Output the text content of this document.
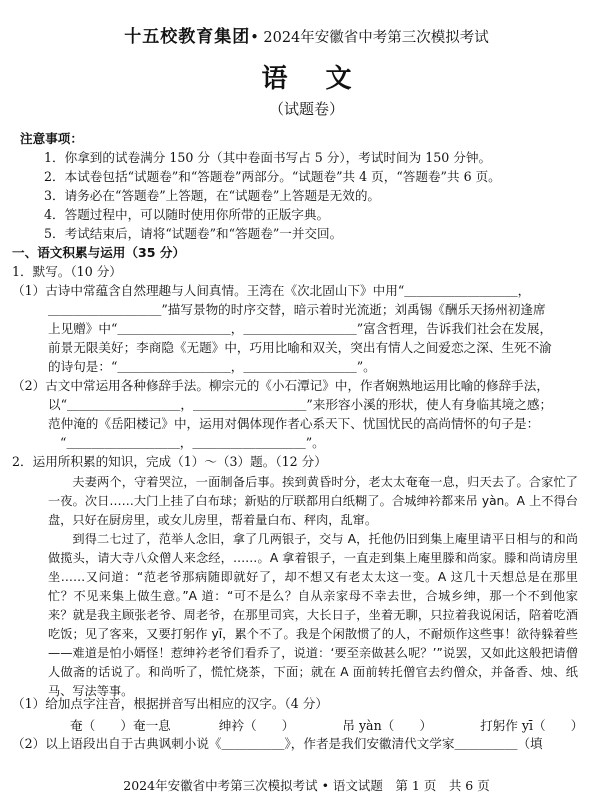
十五校教育集团• 2024年安徽省中考第三次模拟考试
语文
（试题卷）
注意事项：
1．你拿到的试卷满分 150 分（其中卷面书写占 5 分），考试时间为 150 分钟。
2．本试卷包括“试题卷”和“答题卷”两部分。“试题卷”共 4 页，“答题卷”共 6 页。
3．请务必在“答题卷”上答题，在“试题卷”上答题是无效的。
4．答题过程中，可以随时使用你所带的正版字典。
5．考试结束后，请将“试题卷”和“答题卷”一并交回。
一、语文积累与运用（35 分）
1．默写。（10 分）
（1）古诗中常蕴含自然理趣与人间真情。王湾在《次北固山下》中用“＿＿＿＿＿＿＿＿＿，
＿＿＿＿＿＿＿＿＿”描写景物的时序交替，暗示着时光流逝；刘禹锡《酬乐天扬州初逢席
上见赠》中“＿＿＿＿＿＿＿＿＿，＿＿＿＿＿＿＿＿＿”富含哲理，告诉我们社会在发展，
前景无限美好；李商隐《无题》中，巧用比喻和双关，突出有情人之间爱恋之深、生死不渝
的诗句是：“＿＿＿＿＿＿＿＿＿，＿＿＿＿＿＿＿＿＿”。
（2）古文中常运用各种修辞手法。柳宗元的《小石潭记》中，作者娴熟地运用比喻的修辞手法，
以“＿＿＿＿＿＿＿＿＿，＿＿＿＿＿＿＿＿＿”来形容小溪的形状，使人有身临其境之感；
范仲淹的《岳阳楼记》中，运用对偶体现作者心系天下、忧国忧民的高尚情怀的句子是：
“＿＿＿＿＿＿＿＿＿，＿＿＿＿＿＿＿＿＿”。
2．运用所积累的知识，完成（1）～（3）题。（12 分）

夫妻两个，守着哭泣，一面制备后事。挨到黄昏时分，老太太奄奄一息，归天去了。合家忙了一夜。次日……大门上挂了白布球；新贴的厅联都用白纸糊了。合城绅衿都来吊 yàn。A 上不得台盘，只好在厨房里，或女儿房里，帮着量白布、秤肉，乱窜。

到得二七过了，范举人念旧，拿了几两银子，交与 A，托他仍旧到集上庵里请平日相与的和尚做揽头，请大寺八众僧人来念经，……。A 拿着银子，一直走到集上庵里滕和尚家。滕和尚请房里坐……又问道：“范老爷那病随即就好了，却不想又有老太太这一变。A 这几十天想总是在那里忙？不见来集上做生意。”A 道：“可不是么？自从亲家母不幸去世，合城乡绅，那一个不到他家来？就是我主顾张老爷、周老爷，在那里司宾，大长日子，坐着无聊，只拉着我说闲话，陪着吃酒吃饭；见了客来，又要打躬作 yī，累个不了。我是个闲散惯了的人，不耐烦作这些事！欲待躲着些——难道是怕小婿怪！惹绅衿老爷们看乔了，说道：‘要至亲做甚么呢？’”说罢，又如此这般把请僧人做斋的话说了。和尚听了，慌忙烧茶，下面；就在 A 面前转托僧官去约僧众，并备香、烛、纸马、写法等事。

（1）给加点字注音，根据拼音写出相应的汉字。（4 分）
奄（　　）奄一息	绅衿（　　）	吊 yàn（　　）	打躬作 yī（　　）
（2）以上语段出自于古典讽刺小说《＿＿＿＿＿》，作者是我们安徽清代文学家＿＿＿＿＿（填
2024年安徽省中考第三次模拟考试 • 语文试题　第 1 页　共 6 页
